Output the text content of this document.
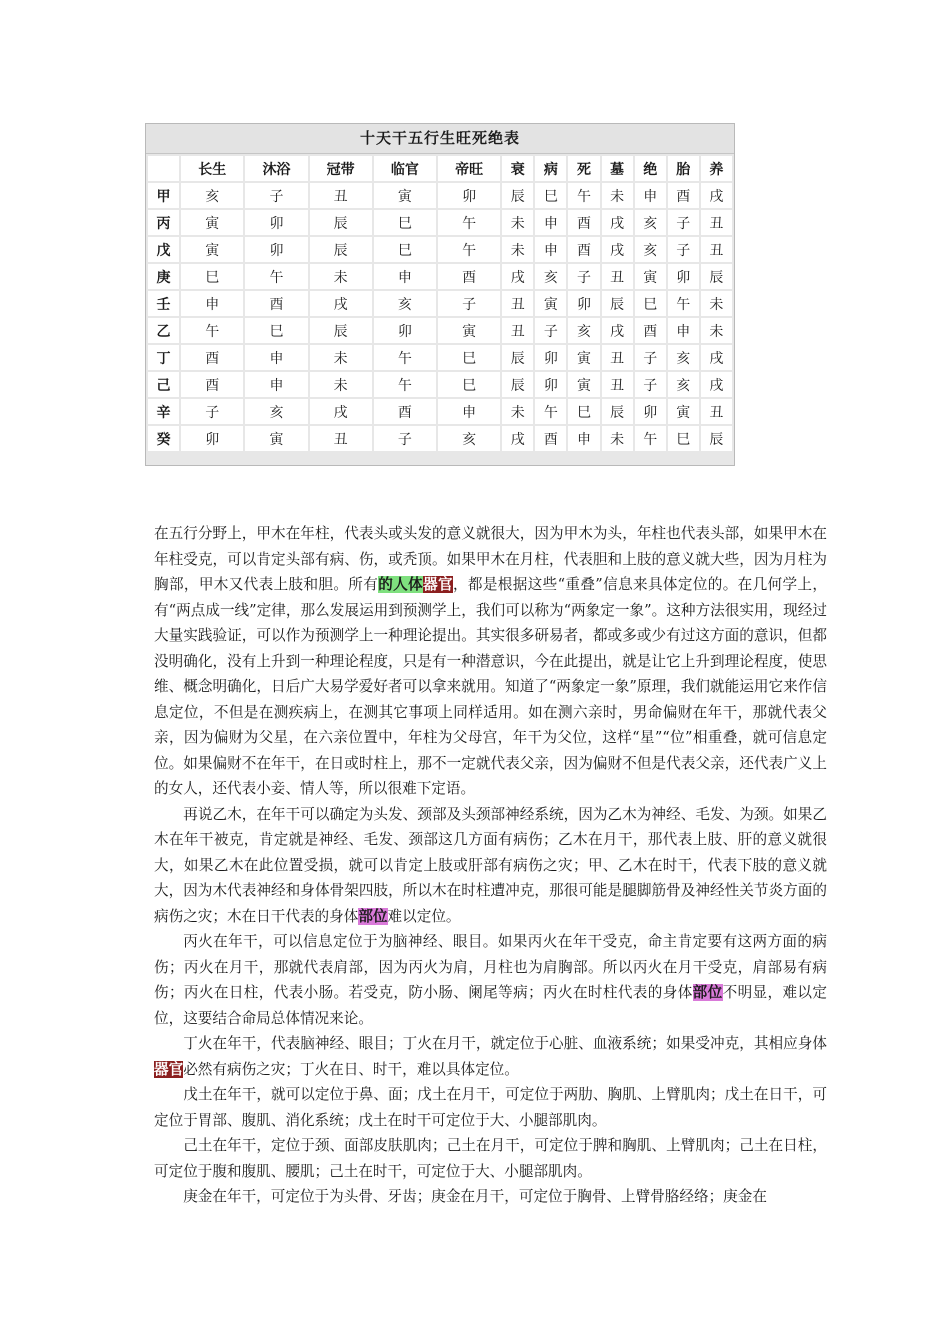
十天干五行生旺死绝表
	长生	沐浴	冠带	临官	帝旺	衰	病	死	墓	绝	胎	养
甲	亥	子	丑	寅	卯	辰	巳	午	未	申	酉	戌
丙	寅	卯	辰	巳	午	未	申	酉	戌	亥	子	丑
戊	寅	卯	辰	巳	午	未	申	酉	戌	亥	子	丑
庚	巳	午	未	申	酉	戌	亥	子	丑	寅	卯	辰
壬	申	酉	戌	亥	子	丑	寅	卯	辰	巳	午	未
乙	午	巳	辰	卯	寅	丑	子	亥	戌	酉	申	未
丁	酉	申	未	午	巳	辰	卯	寅	丑	子	亥	戌
己	酉	申	未	午	巳	辰	卯	寅	丑	子	亥	戌
辛	子	亥	戌	酉	申	未	午	巳	辰	卯	寅	丑
癸	卯	寅	丑	子	亥	戌	酉	申	未	午	巳	辰

在五行分野上，甲木在年柱，代表头或头发的意义就很大，因为甲木为头，年柱也代表头部，如果甲木在年柱受克，可以肯定头部有病、伤，或秃顶。如果甲木在月柱，代表胆和上肢的意义就大些，因为月柱为胸部，甲木又代表上肢和胆。所有的人体器官，都是根据这些“重叠”信息来具体定位的。在几何学上，有“两点成一线”定律，那么发展运用到预测学上，我们可以称为“两象定一象”。这种方法很实用，现经过大量实践验证，可以作为预测学上一种理论提出。其实很多研易者，都或多或少有过这方面的意识，但都没明确化，没有上升到一种理论程度，只是有一种潜意识，今在此提出，就是让它上升到理论程度，使思维、概念明确化，日后广大易学爱好者可以拿来就用。知道了“两象定一象”原理，我们就能运用它来作信息定位，不但是在测疾病上，在测其它事项上同样适用。如在测六亲时，男命偏财在年干，那就代表父亲，因为偏财为父星，在六亲位置中，年柱为父母宫，年干为父位，这样“星”“位”相重叠，就可信息定位。如果偏财不在年干，在日或时柱上，那不一定就代表父亲，因为偏财不但是代表父亲，还代表广义上的女人，还代表小妾、情人等，所以很难下定语。

再说乙木，在年干可以确定为头发、颈部及头颈部神经系统，因为乙木为神经、毛发、为颈。如果乙木在年干被克，肯定就是神经、毛发、颈部这几方面有病伤；乙木在月干，那代表上肢、肝的意义就很大，如果乙木在此位置受损，就可以肯定上肢或肝部有病伤之灾；甲、乙木在时干，代表下肢的意义就大，因为木代表神经和身体骨架四肢，所以木在时柱遭冲克，那很可能是腿脚筋骨及神经性关节炎方面的病伤之灾；木在日干代表的身体部位难以定位。

丙火在年干，可以信息定位于为脑神经、眼目。如果丙火在年干受克，命主肯定要有这两方面的病伤；丙火在月干，那就代表肩部，因为丙火为肩，月柱也为肩胸部。所以丙火在月干受克，肩部易有病伤；丙火在日柱，代表小肠。若受克，防小肠、阑尾等病；丙火在时柱代表的身体部位不明显，难以定位，这要结合命局总体情况来论。

丁火在年干，代表脑神经、眼目；丁火在月干，就定位于心脏、血液系统；如果受冲克，其相应身体器官必然有病伤之灾；丁火在日、时干，难以具体定位。

戊土在年干，就可以定位于鼻、面；戊土在月干，可定位于两肋、胸肌、上臂肌肉；戊土在日干，可定位于胃部、腹肌、消化系统；戊土在时干可定位于大、小腿部肌肉。

己土在年干，定位于颈、面部皮肤肌肉；己土在月干，可定位于脾和胸肌、上臂肌肉；己土在日柱，可定位于腹和腹肌、腰肌；己土在时干，可定位于大、小腿部肌肉。

庚金在年干，可定位于为头骨、牙齿；庚金在月干，可定位于胸骨、上臂骨胳经络；庚金在
